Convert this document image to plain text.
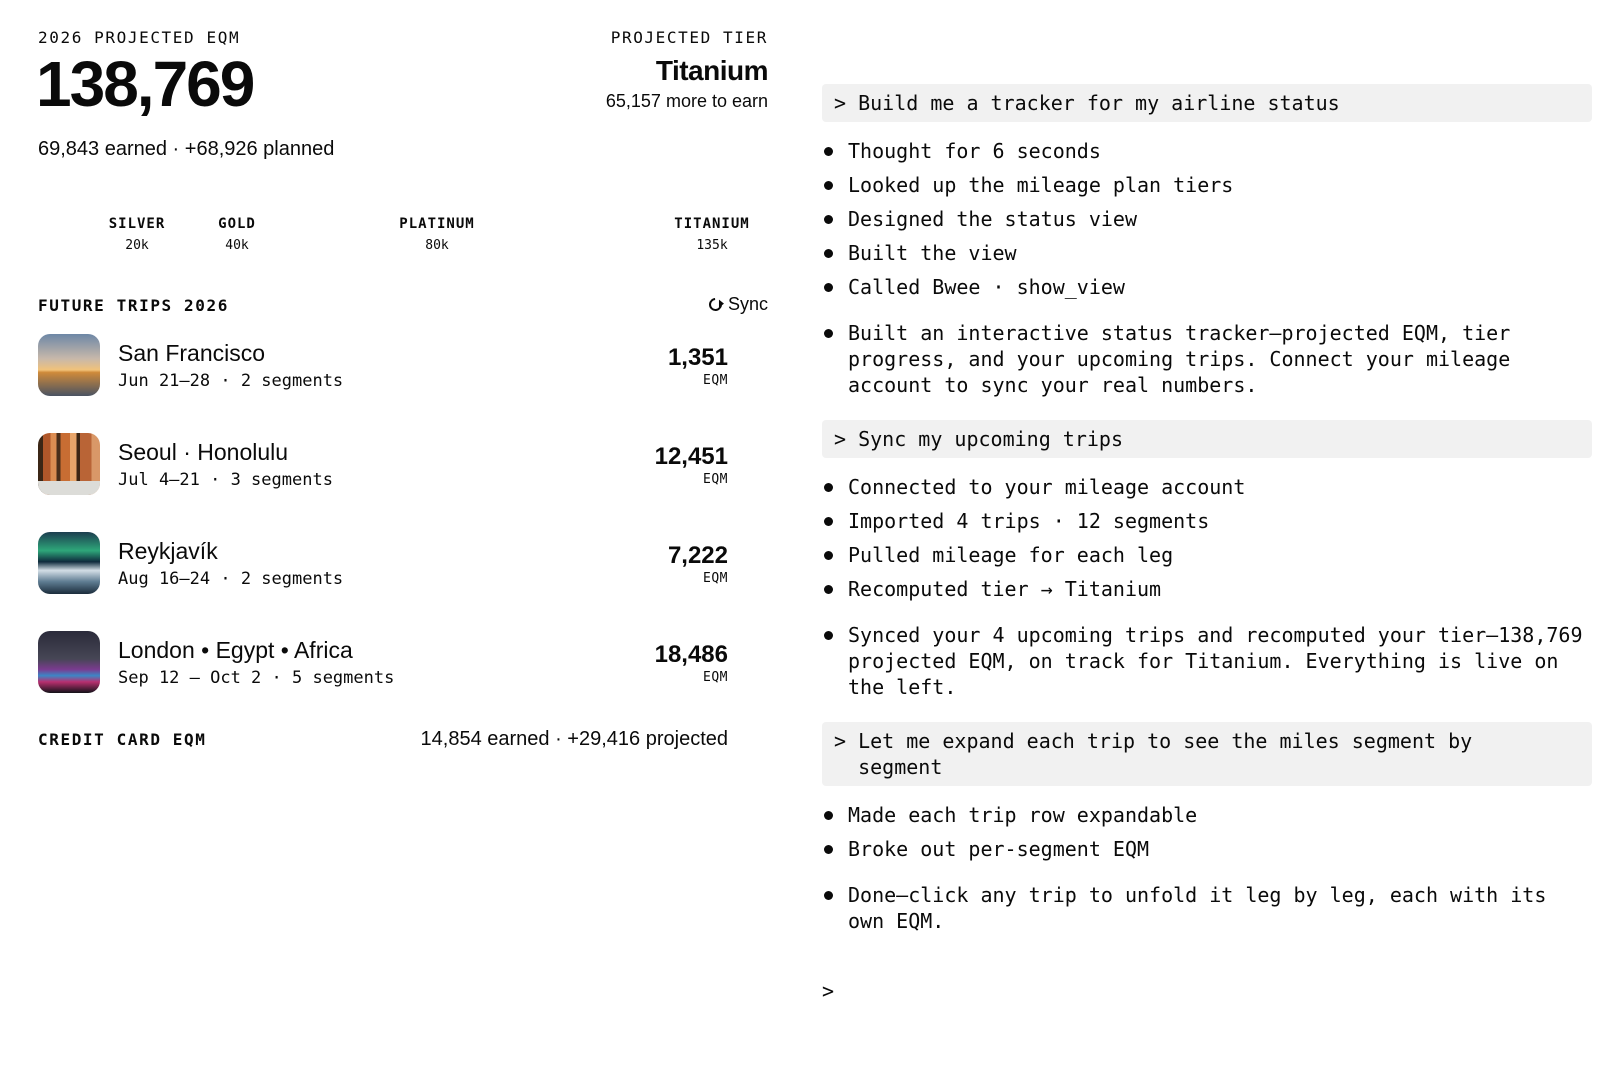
2026 PROJECTED EQM
138,769
69,843 earned · +68,926 planned
PROJECTED TIER
Titanium
65,157 more to earn
SILVER
20k
GOLD
40k
PLATINUM
80k
TITANIUM
135k
FUTURE TRIPS 2026	Sync
San Francisco
Jun 21–28 · 2 segments
1,351
EQM
Seoul · Honolulu
Jul 4–21 · 3 segments
12,451
EQM
Reykjavík
Aug 16–24 · 2 segments
7,222
EQM
London • Egypt • Africa
Sep 12 – Oct 2 · 5 segments
18,486
EQM
CREDIT CARD EQM	14,854 earned · +29,416 projected
> Build me a tracker for my airline status
Thought for 6 seconds
Looked up the mileage plan tiers
Designed the status view
Built the view
Called Bwee · show_view
Built an interactive status tracker—projected EQM, tier progress, and your upcoming trips. Connect your mileage account to sync your real numbers.
> Sync my upcoming trips
Connected to your mileage account
Imported 4 trips · 12 segments
Pulled mileage for each leg
Recomputed tier → Titanium
Synced your 4 upcoming trips and recomputed your tier—138,769 projected EQM, on track for Titanium. Everything is live on the left.
> Let me expand each trip to see the miles segment by
segment
Made each trip row expandable
Broke out per-segment EQM
Done—click any trip to unfold it leg by leg, each with its own EQM.
>
